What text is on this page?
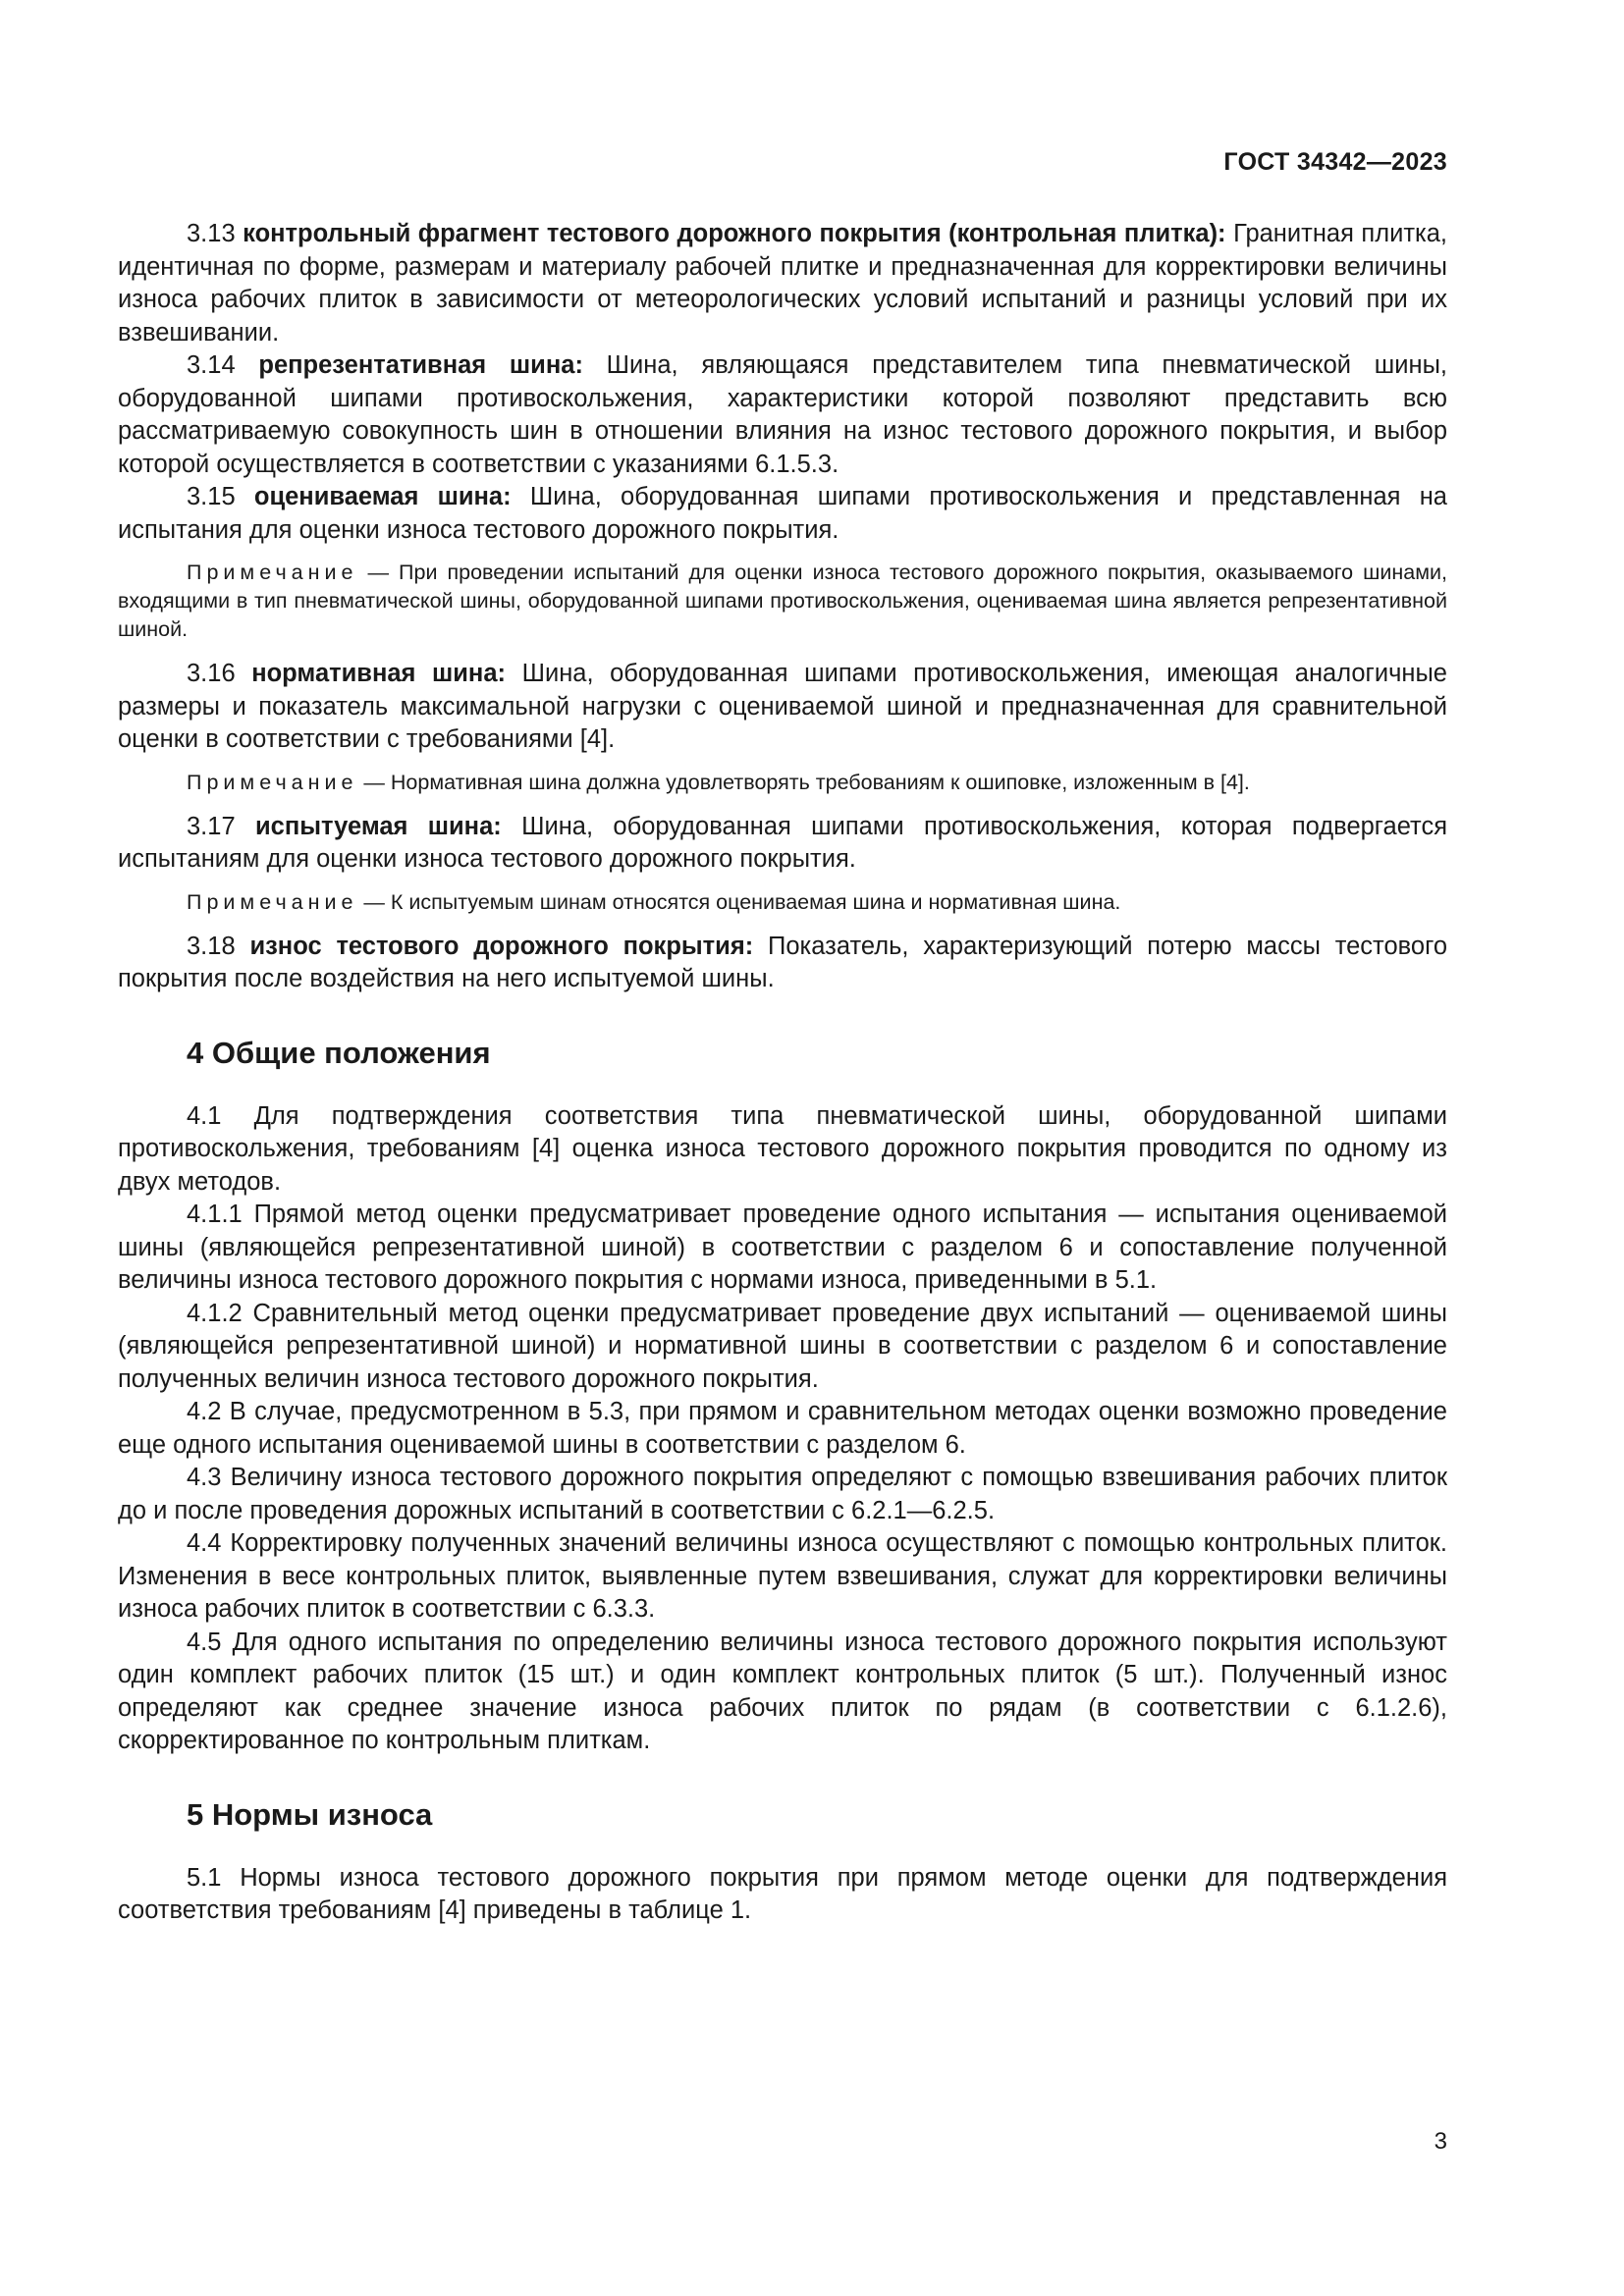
ГОСТ 34342—2023

3.13 контрольный фрагмент тестового дорожного покрытия (контрольная плитка): Гранитная плитка, идентичная по форме, размерам и материалу рабочей плитке и предназначенная для корректировки величины износа рабочих плиток в зависимости от метеорологических условий испытаний и разницы условий при их взвешивании.

3.14 репрезентативная шина: Шина, являющаяся представителем типа пневматической шины, оборудованной шипами противоскольжения, характеристики которой позволяют представить всю рассматриваемую совокупность шин в отношении влияния на износ тестового дорожного покрытия, и выбор которой осуществляется в соответствии с указаниями 6.1.5.3.

3.15 оцениваемая шина: Шина, оборудованная шипами противоскольжения и представленная на испытания для оценки износа тестового дорожного покрытия.

Примечание — При проведении испытаний для оценки износа тестового дорожного покрытия, оказываемого шинами, входящими в тип пневматической шины, оборудованной шипами противоскольжения, оцениваемая шина является репрезентативной шиной.

3.16 нормативная шина: Шина, оборудованная шипами противоскольжения, имеющая аналогичные размеры и показатель максимальной нагрузки с оцениваемой шиной и предназначенная для сравнительной оценки в соответствии с требованиями [4].

Примечание — Нормативная шина должна удовлетворять требованиям к ошиповке, изложенным в [4].

3.17 испытуемая шина: Шина, оборудованная шипами противоскольжения, которая подвергается испытаниям для оценки износа тестового дорожного покрытия.

Примечание — К испытуемым шинам относятся оцениваемая шина и нормативная шина.

3.18 износ тестового дорожного покрытия: Показатель, характеризующий потерю массы тестового покрытия после воздействия на него испытуемой шины.

4 Общие положения

4.1 Для подтверждения соответствия типа пневматической шины, оборудованной шипами противоскольжения, требованиям [4] оценка износа тестового дорожного покрытия проводится по одному из двух методов.

4.1.1 Прямой метод оценки предусматривает проведение одного испытания — испытания оцениваемой шины (являющейся репрезентативной шиной) в соответствии с разделом 6 и сопоставление полученной величины износа тестового дорожного покрытия с нормами износа, приведенными в 5.1.

4.1.2 Сравнительный метод оценки предусматривает проведение двух испытаний — оцениваемой шины (являющейся репрезентативной шиной) и нормативной шины в соответствии с разделом 6 и сопоставление полученных величин износа тестового дорожного покрытия.

4.2 В случае, предусмотренном в 5.3, при прямом и сравнительном методах оценки возможно проведение еще одного испытания оцениваемой шины в соответствии с разделом 6.

4.3 Величину износа тестового дорожного покрытия определяют с помощью взвешивания рабочих плиток до и после проведения дорожных испытаний в соответствии с 6.2.1—6.2.5.

4.4 Корректировку полученных значений величины износа осуществляют с помощью контрольных плиток. Изменения в весе контрольных плиток, выявленные путем взвешивания, служат для корректировки величины износа рабочих плиток в соответствии с 6.3.3.

4.5 Для одного испытания по определению величины износа тестового дорожного покрытия используют один комплект рабочих плиток (15 шт.) и один комплект контрольных плиток (5 шт.). Полученный износ определяют как среднее значение износа рабочих плиток по рядам (в соответствии с 6.1.2.6), скорректированное по контрольным плиткам.

5 Нормы износа

5.1 Нормы износа тестового дорожного покрытия при прямом методе оценки для подтверждения соответствия требованиям [4] приведены в таблице 1.

3
